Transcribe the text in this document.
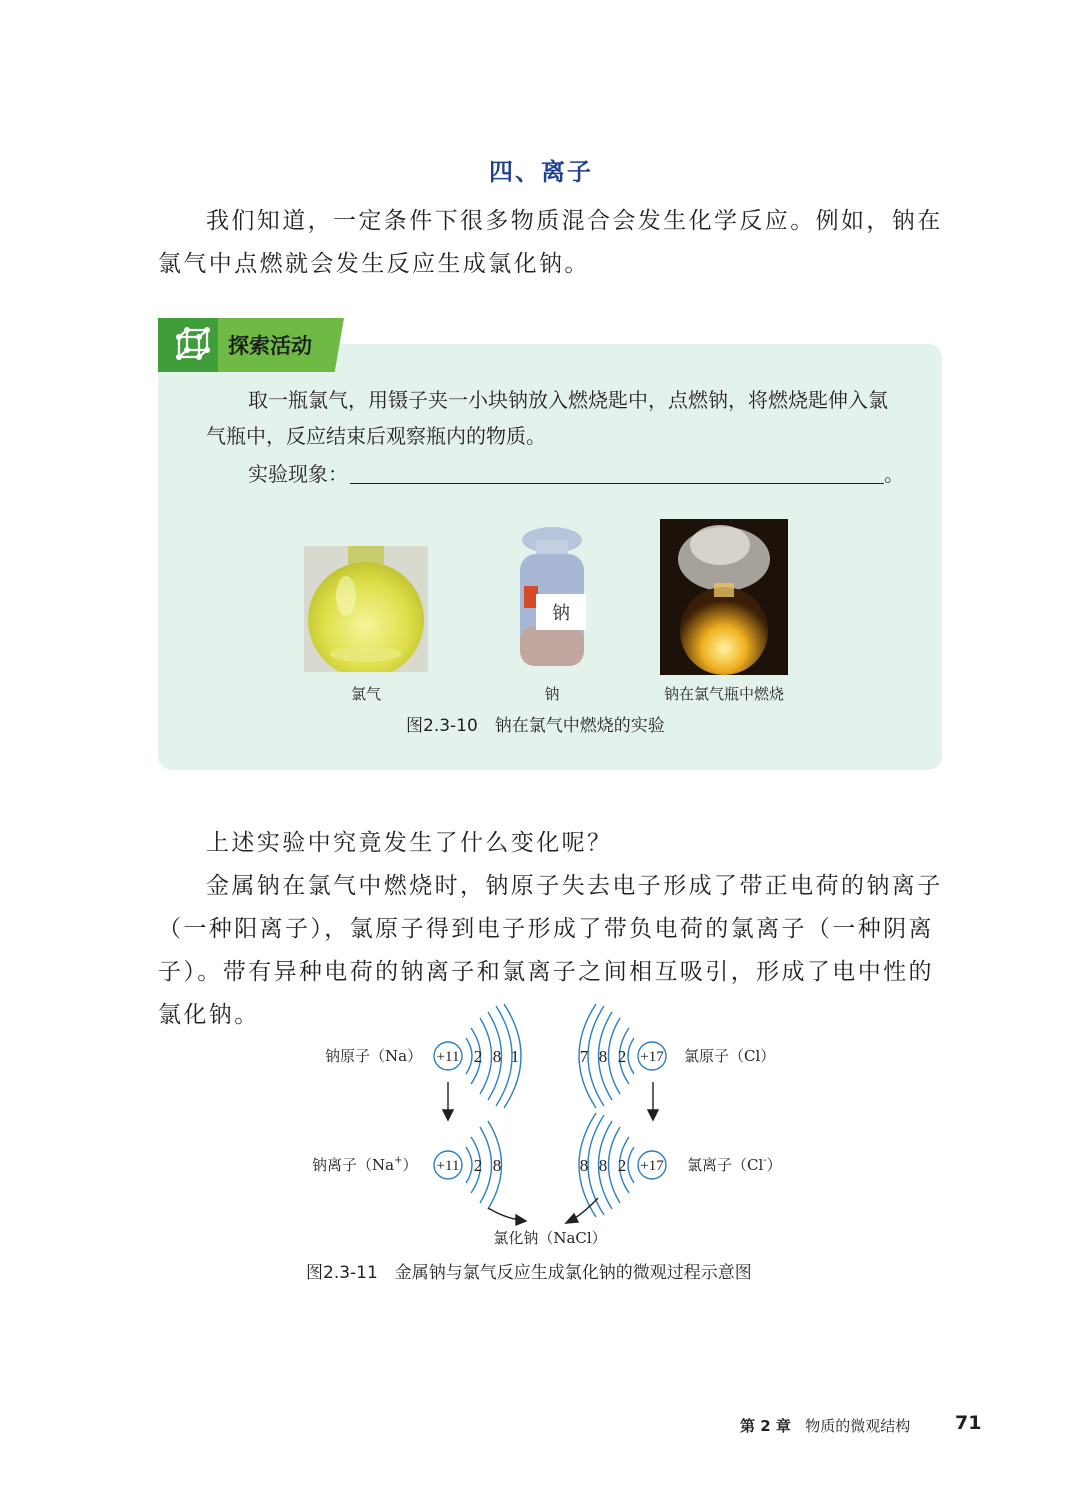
四、离子
我们知道，一定条件下很多物质混合会发生化学反应。例如，钠在氯气中点燃就会发生反应生成氯化钠。
探索活动
取一瓶氯气，用镊子夹一小块钠放入燃烧匙中，点燃钠，将燃烧匙伸入氯气瓶中，反应结束后观察瓶内的物质。
实验现象：	。
氯气
钠
钠	钠在氯气瓶中燃烧
图2.3-10　钠在氯气中燃烧的实验
上述实验中究竟发生了什么变化呢？
金属钠在氯气中燃烧时，钠原子失去电子形成了带正电荷的钠离子（一种阳离子），氯原子得到电子形成了带负电荷的氯离子（一种阴离子）。带有异种电荷的钠离子和氯离子之间相互吸引，形成了电中性的氯化钠。
钠原子（Na） +11 2 8 1	7 8 2 +17 氯原子（Cl）
钠离子（Na+） +11 2 8	8 8 2 +17 氯离子（Cl-）
氯化钠（NaCl）
图2.3-11　金属钠与氯气反应生成氯化钠的微观过程示意图
第 2 章 物质的微观结构 71
